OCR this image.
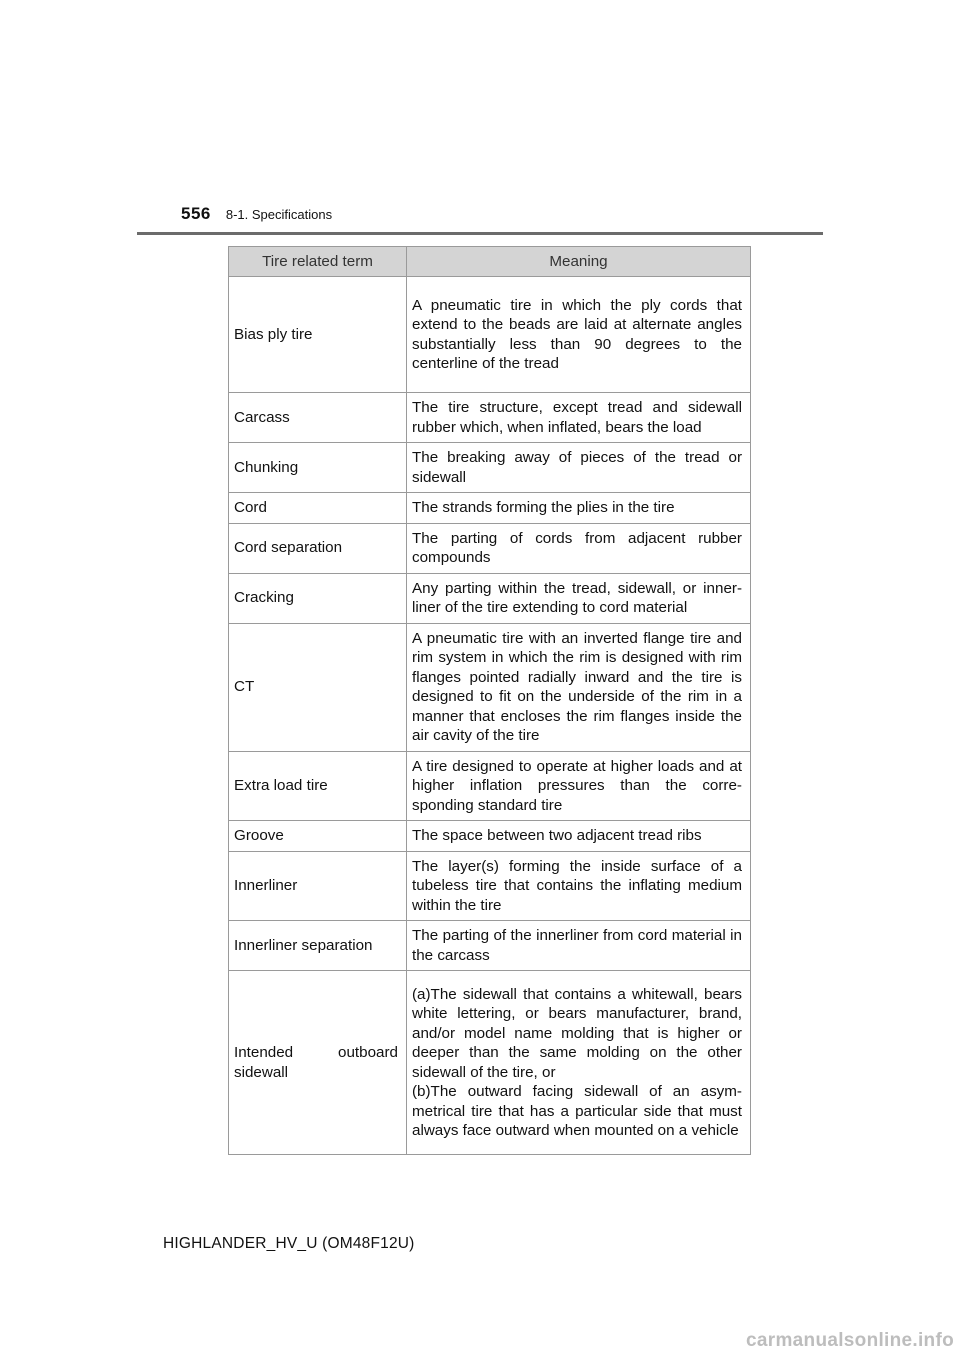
556 8-1. Specifications
Tire related term	Meaning
Bias ply tire	A pneumatic tire in which the ply cords that extend to the beads are laid at alternate angles substantially less than 90 degrees to the centerline of the tread
Carcass	The tire structure, except tread and sidewall rubber which, when inflated, bears the load
Chunking	The breaking away of pieces of the tread or sidewall
Cord	The strands forming the plies in the tire
Cord separation	The parting of cords from adjacent rubber compounds
Cracking	Any parting within the tread, sidewall, or inner-liner of the tire extending to cord material
CT	A pneumatic tire with an inverted flange tire and rim system in which the rim is designed with rim flanges pointed radially inward and the tire is designed to fit on the underside of the rim in a manner that encloses the rim flanges inside the air cavity of the tire
Extra load tire	A tire designed to operate at higher loads and at higher inflation pressures than the corre-sponding standard tire
Groove	The space between two adjacent tread ribs
Innerliner	The layer(s) forming the inside surface of a tubeless tire that contains the inflating medium within the tire
Innerliner separation	The parting of the innerliner from cord material in the carcass
Intended outboard sidewall	(a)The sidewall that contains a whitewall, bears white lettering, or bears manufacturer, brand, and/or model name molding that is higher or deeper than the same molding on the other sidewall of the tire, or
(b)The outward facing sidewall of an asym-metrical tire that has a particular side that must always face outward when mounted on a vehicle
HIGHLANDER_HV_U (OM48F12U)
carmanualsonline.info
